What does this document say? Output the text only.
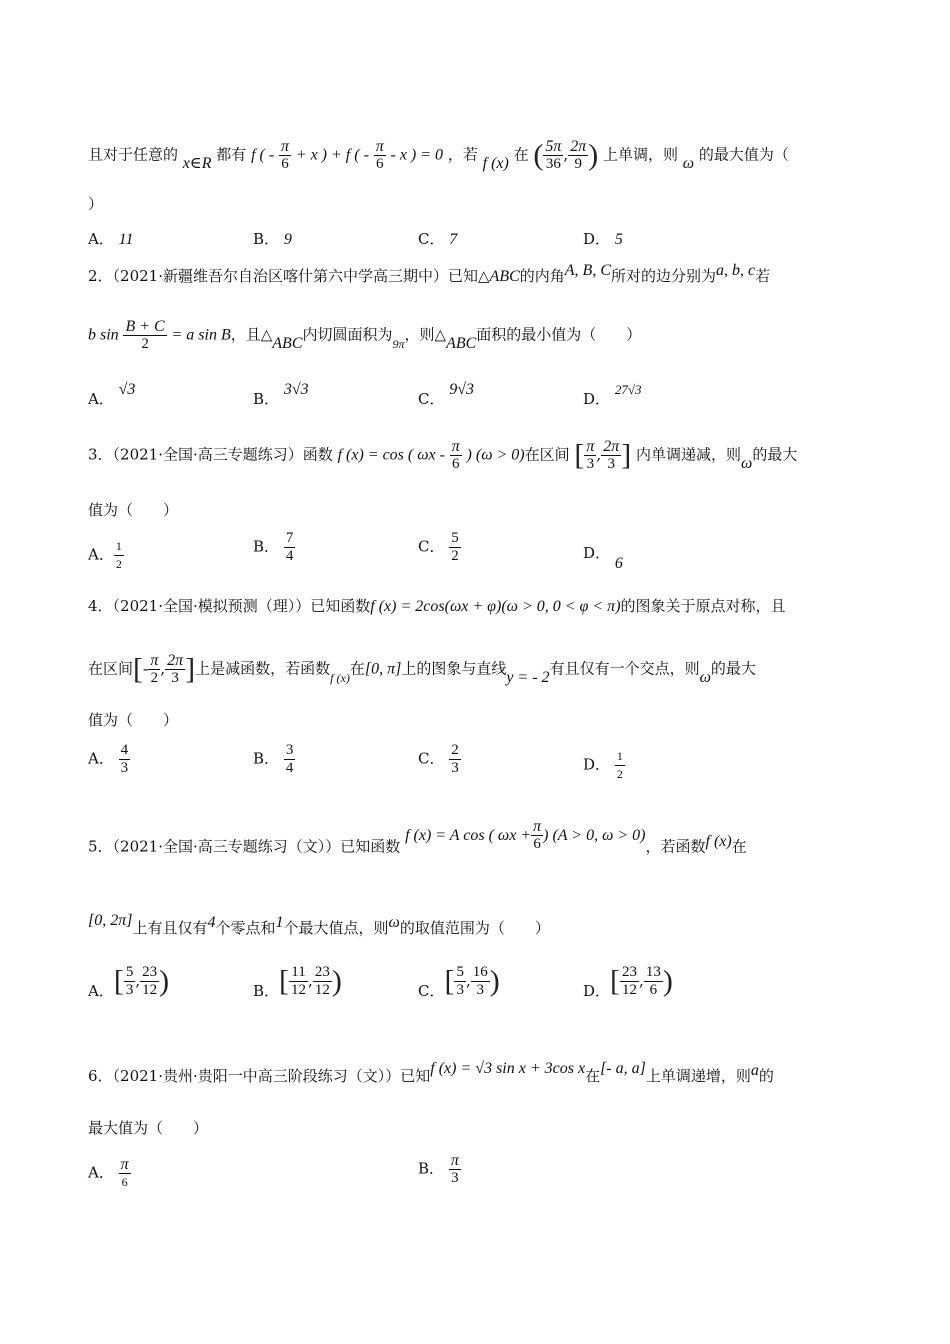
且对于任意的 x∈R 都有 f ( - $\frac{\pi}{6} + x$ ) + f ( - $\frac{\pi}{6}$ - x ) = 0 ，若 f (x) 在 ( $\frac{5\pi}{36}$ , $\frac{2\pi}{9}$ ) 上单调，则 ω 的最大值为（
）
A． 11	B． 9	C． 7	D． 5
2．（2021·新疆维吾尔自治区喀什第六中学高三期中）已知△ABC的内角A, B, C所对的边分别为a, b, c若
b $\sin \frac{B + C}{2} = a$ sin B，且△ABC内切圆面积为$_{9\pi}$，则△ABC面积的最小值为（　　）
A． √3
B． 3√3
C． 9√3
D． 27√3
3．（2021·全国·高三专题练习）函数 f (x) = cos ( ωx - $\frac{\pi}{6}$ ) (ω > 0)在区间 [ $\frac{\pi}{3}$ , $\frac{2\pi}{3}$ ] 内单调递减，则ω的最大
值为（　　）
A． $\frac{1}{2}$	B． $\frac{7}{4}$	C． $\frac{5}{2}$	D． 6
4．（2021·全国·模拟预测（理））已知函数f (x) = 2cos(ωx + φ)(ω > 0, 0 < φ < π)的图象关于原点对称，且
在区间[- $\frac{\pi}{2}$ , $\frac{2\pi}{3}$ ]上是减函数，若函数$_{f (x)}$在[0, π]上的图象与直线y = - 2有且仅有一个交点，则ω的最大
值为（　　）
A． $\frac{4}{3}$	B． $\frac{3}{4}$	C． $\frac{2}{3}$	D． $\frac{1}{2}$
5．（2021·全国·高三专题练习（文））已知函数 f (x) = A cos ( $\omega x + \frac{\pi}{6}$ ) (A > 0, ω > 0)，若函数f (x)在
[0, 2π]上有且仅有4个零点和1个最大值点，则ω的取值范围为（　　）
A．[ $\frac{5}{3}$ , $\frac{23}{12}$ )	B．[ $\frac{11}{12}$ , $\frac{23}{12}$ )	C．[ $\frac{5}{3}$ , $\frac{16}{3}$ )	D．[ $\frac{23}{12}$ , $\frac{13}{6}$ )
6．（2021·贵州·贵阳一中高三阶段练习（文））已知f (x) = √3 sin x + 3cos x在[- a, a]上单调递增，则a的
最大值为（　　）
A． $\frac{\pi}{6}$	B． $\frac{\pi}{3}$
